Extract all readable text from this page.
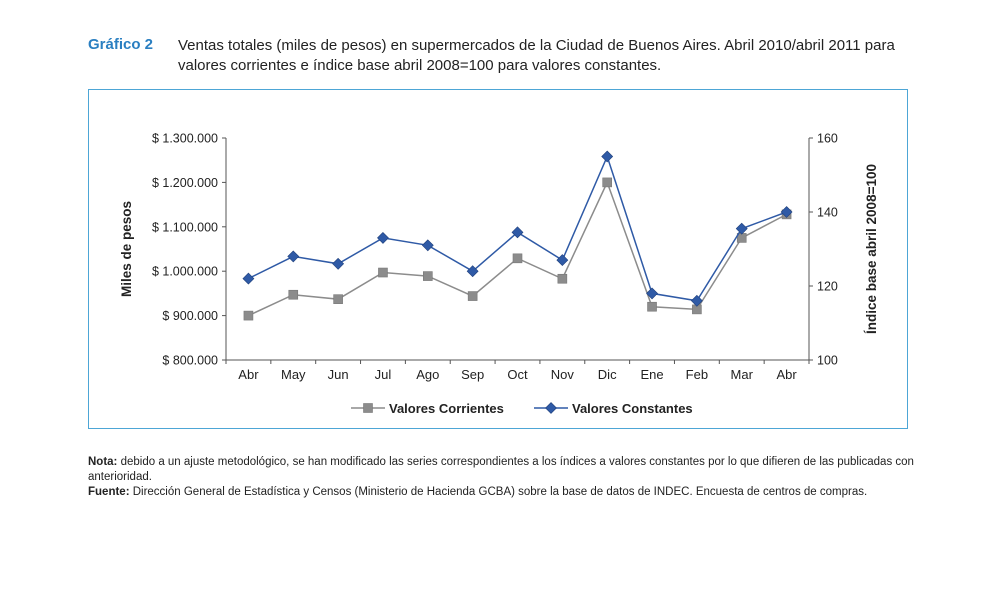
Gráfico 2 Ventas totales (miles de pesos) en supermercados de la Ciudad de Buenos Aires. Abril 2010/abril 2011 para valores corrientes e índice base abril 2008=100 para valores constantes.
$ 1.300.000
$ 1.200.000
$ 1.100.000
$ 1.000.000
$ 900.000
$ 800.000
160
140
120
100
Abr May Jun Jul Ago Sep Oct Nov Dic Ene Feb Mar Abr
Miles de pesos	Índice base abril 2008=100
Valores Corrientes	Valores Constantes
Nota: debido a un ajuste metodológico, se han modificado las series correspondientes a los índices a valores constantes por lo que difieren de las publicadas con anterioridad.
Fuente: Dirección General de Estadística y Censos (Ministerio de Hacienda GCBA) sobre la base de datos de INDEC. Encuesta de centros de compras.
